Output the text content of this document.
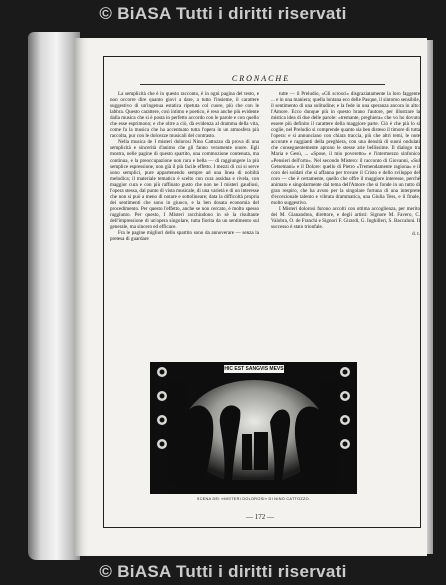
© BiASA Tutti i diritti riservati
CRONACHE

La semplicità che è in questo racconto, è in ogni pagina del testo, e non occorre dire quanto giovi a dare, a tutto l'insieme, il carattere suggestivo di un'ingenua estatica ripetuta col cuore, più che con le labbra. Questo carattere, così intimo e poetico, è reso anche più evidente dalla musica che si è posta in perfetto accordo con le parole e con quello che esse esprimono; e che oltre a ciò, dà evidenza al dramma della vita, come fa la musica che ha accentuato tutta l'opera in un atmosfera più raccolta, pur con le dolcezze musicali del contrasto.

Nella musica de I misteri dolorosi Nino Cattozzo dà prova di una semplicità e sincerità d'animo che gli fanno veramente onore. Egli mostra, nelle pagine di questo spartito, una commozione contenuta, ma continua, e la preoccupazione non rara e bella — di raggiungere la più semplice espressione, non già il più facile effetto. I mezzi di cui si serve sono semplici, pure appartenendo sempre ad una linea di nobiltà melodica; il materiale tematico è scelto con cura assidua e rivela, con maggior cura e con più raffinato gusto che non ne I misteri gaudiosi, l'opera stessa, dal punto di vista musicale, di una varietà e di un interesse che non si può a meno di notare e sottolineare; data la difficoltà propria dei sentimenti che sono in giuoco, e la ben dosata economia del procedimento. Per questo l'effetto, anche se non cercato, è molto spesso raggiunto. Per questo, I Misteri racchiudono in sè la risultante dell'impressione di un'opera singolare, tutta fiorita da un sentimento sul generale, ma sincero ed efficace.

Fra le pagine migliori dello spartito sono da annoverare — senza la pretesa di guardare

tutte — il Preludio, «Gli scrosci» disgraziatamente la loro faggente ... e in una maniera; quella lontana eco delle Pasque, il sintomo sensibile, il sentimento di una solitudine; e la fede in una speranza ancora in alto: l'Amore. Ecco dunque più in questo brano l'autore, per illustrare la mistica idea di due delle parole: «tremante, preghiera» che vo ho dovuto essere più definito il carattere della maggiore parte. Ciò è che più lo si coglie, nel Preludio si comprende quanto sia ben disteso il timore di tutta l'opera: e si annunciano con chiara traccia, più che altri temi, le note accorate e raggianti della preghiera, con una densità di suoni ondulati che conseguentemente aprono le stesse arie bellissime. Il dialogo tra Maria e Gesù, ... «Spose, il mio poveretto» e l'intermezzo sinfonico «Pensieri dell'orto». Nel secondo Mistero: il racconto di Giovanni, «Sul Getsemani» e il Dolore: quello di Pietro «Tremendamente ragiona» e il coro dei soldati che si affanna per trovare il Cristo e dello sviluppo del coro — che è certamente, quello che offre il maggiore interesse, perché animato e singolarmente dal tema dell'Amore che si fonde in un tutto di gran respiro, che ha avuto per la singolare fortuna di una interprete d'eccezionale talento e vibrata drammatica, una Giulia Tess, e il finale, molto suggestivo.

I Misteri dolorosi furono accolti con ottima accoglienza, per merito dei M. Gianandrea, direttore, e degli artisti: Signore M. Favero, C. Valobra, O. de Franchi e Signori F. Girardi, G. Inghilleri, S. Baccaloni. Il successo è stato trionfale.

d. t.
HIC EST SANGVIS MEVS
SCENA DEI «MISTERI DOLOROSI» DI NINO CATTOZZO.
— 172 —
© BiASA Tutti i diritti riservati
